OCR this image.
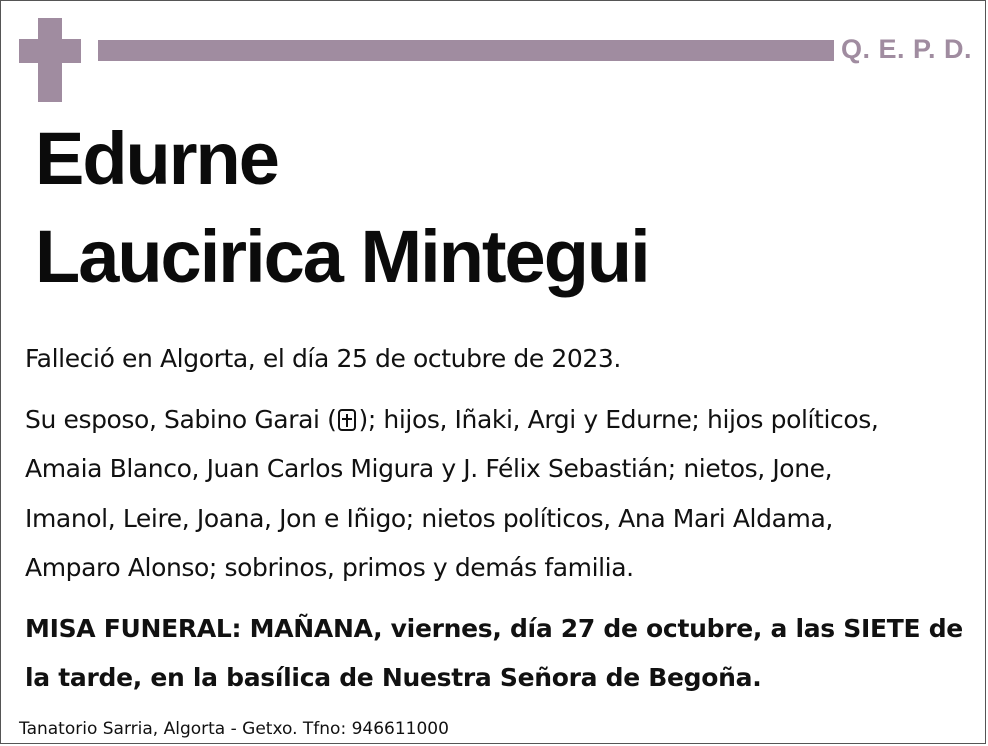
Q. E. P. D.
Edurne
Laucirica Mintegui
Falleció en Algorta, el día 25 de octubre de 2023.
Su esposo, Sabino Garai ( ); hijos, Iñaki, Argi y Edurne; hijos políticos,
Amaia Blanco, Juan Carlos Migura y J. Félix Sebastián; nietos, Jone,
Imanol, Leire, Joana, Jon e Iñigo; nietos políticos, Ana Mari Aldama,
Amparo Alonso; sobrinos, primos y demás familia.
MISA FUNERAL: MAÑANA, viernes, día 27 de octubre, a las SIETE de
la tarde, en la basílica de Nuestra Señora de Begoña.
Tanatorio Sarria, Algorta - Getxo. Tfno: 946611000
